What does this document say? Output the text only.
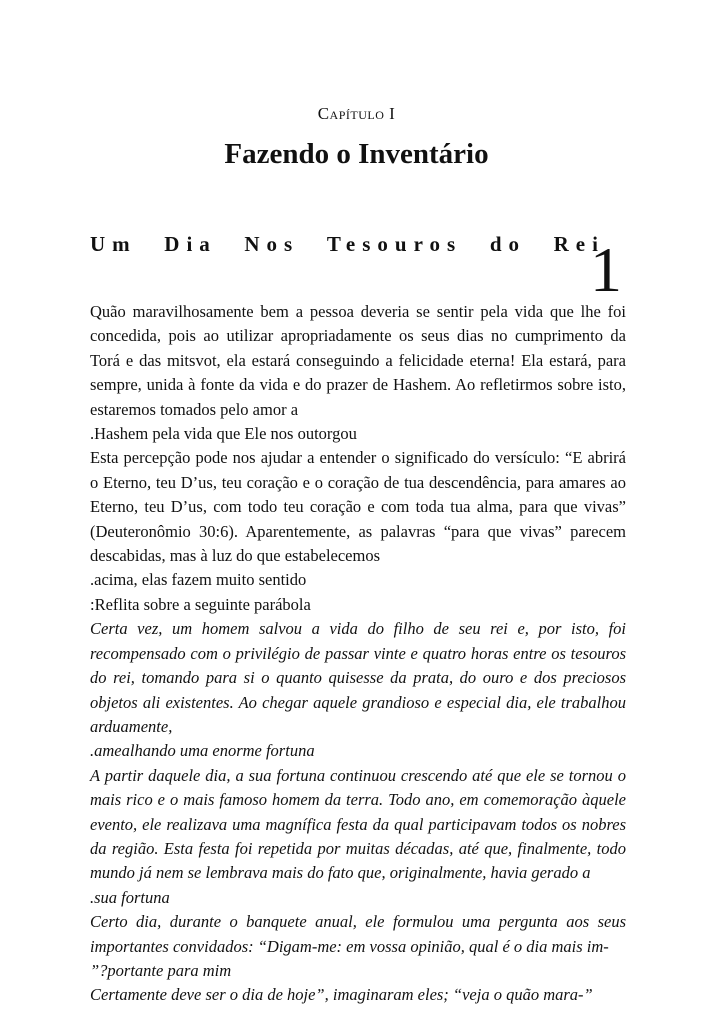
Capítulo I
Fazendo o Inventário
Um Dia Nos Tesouros do Rei
1

Quão maravilhosamente bem a pessoa deveria se sentir pela vida que lhe foi concedida, pois ao utilizar apropriadamente os seus dias no cumprimento da Torá e das mitsvot, ela estará conseguindo a felicidade eterna! Ela estará, para sempre, unida à fonte da vida e do prazer de Hashem. Ao refletirmos sobre isto, estaremos tomados pelo amor a

.Hashem pela vida que Ele nos outorgou

Esta percepção pode nos ajudar a entender o significado do versículo: “E abrirá o Eterno, teu D’us, teu coração e o coração de tua descendência, para amares ao Eterno, teu D’us, com todo teu coração e com toda tua alma, para que vivas” (Deuteronômio 30:6). Aparentemente, as palavras “para que vivas” parecem descabidas, mas à luz do que estabelecemos

.acima, elas fazem muito sentido

:Reflita sobre a seguinte parábola

Certa vez, um homem salvou a vida do filho de seu rei e, por isto, foi recompensado com o privilégio de passar vinte e quatro horas entre os tesouros do rei, tomando para si o quanto quisesse da prata, do ouro e dos preciosos objetos ali existentes. Ao chegar aquele grandioso e especial dia, ele trabalhou arduamente,

.amealhando uma enorme fortuna

A partir daquele dia, a sua fortuna continuou crescendo até que ele se tornou o mais rico e o mais famoso homem da terra. Todo ano, em comemoração àquele evento, ele realizava uma magnífica festa da qual participavam todos os nobres da região. Esta festa foi repetida por muitas décadas, até que, finalmente, todo mundo já nem se lembrava mais do fato que, originalmente, havia gerado a

.sua fortuna

Certo dia, durante o banquete anual, ele formulou uma pergunta aos seus importantes convidados: “Digam-me: em vossa opinião, qual é o dia mais im-

”?portante para mim

Certamente deve ser o dia de hoje”, imaginaram eles; “veja o quão mara-”
